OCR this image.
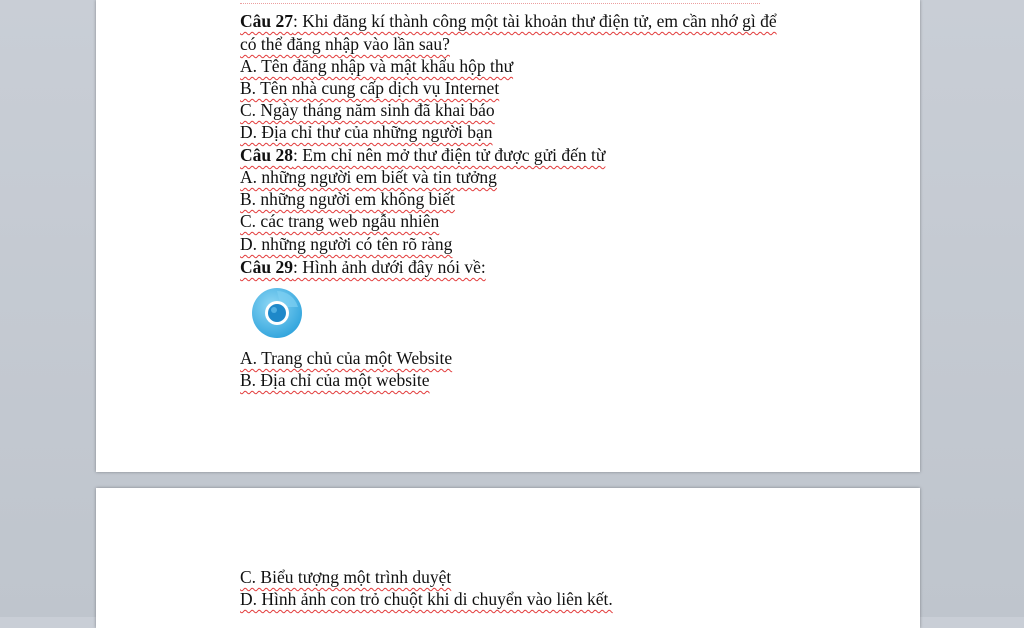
Câu 27: Khi đăng kí thành công một tài khoản thư điện tử, em cần nhớ gì để
có thể đăng nhập vào lần sau?
A. Tên đăng nhập và mật khẩu hộp thư
B. Tên nhà cung cấp dịch vụ Internet
C. Ngày tháng năm sinh đã khai báo
D. Địa chỉ thư của những người bạn
Câu 28: Em chỉ nên mở thư điện tử được gửi đến từ
A. những người em biết và tin tưởng
B. những người em không biết
C. các trang web ngẫu nhiên
D. những người có tên rõ ràng
Câu 29: Hình ảnh dưới đây nói về:
A. Trang chủ của một Website
B. Địa chỉ của một website
C. Biểu tượng một trình duyệt
D. Hình ảnh con trỏ chuột khi di chuyển vào liên kết.
